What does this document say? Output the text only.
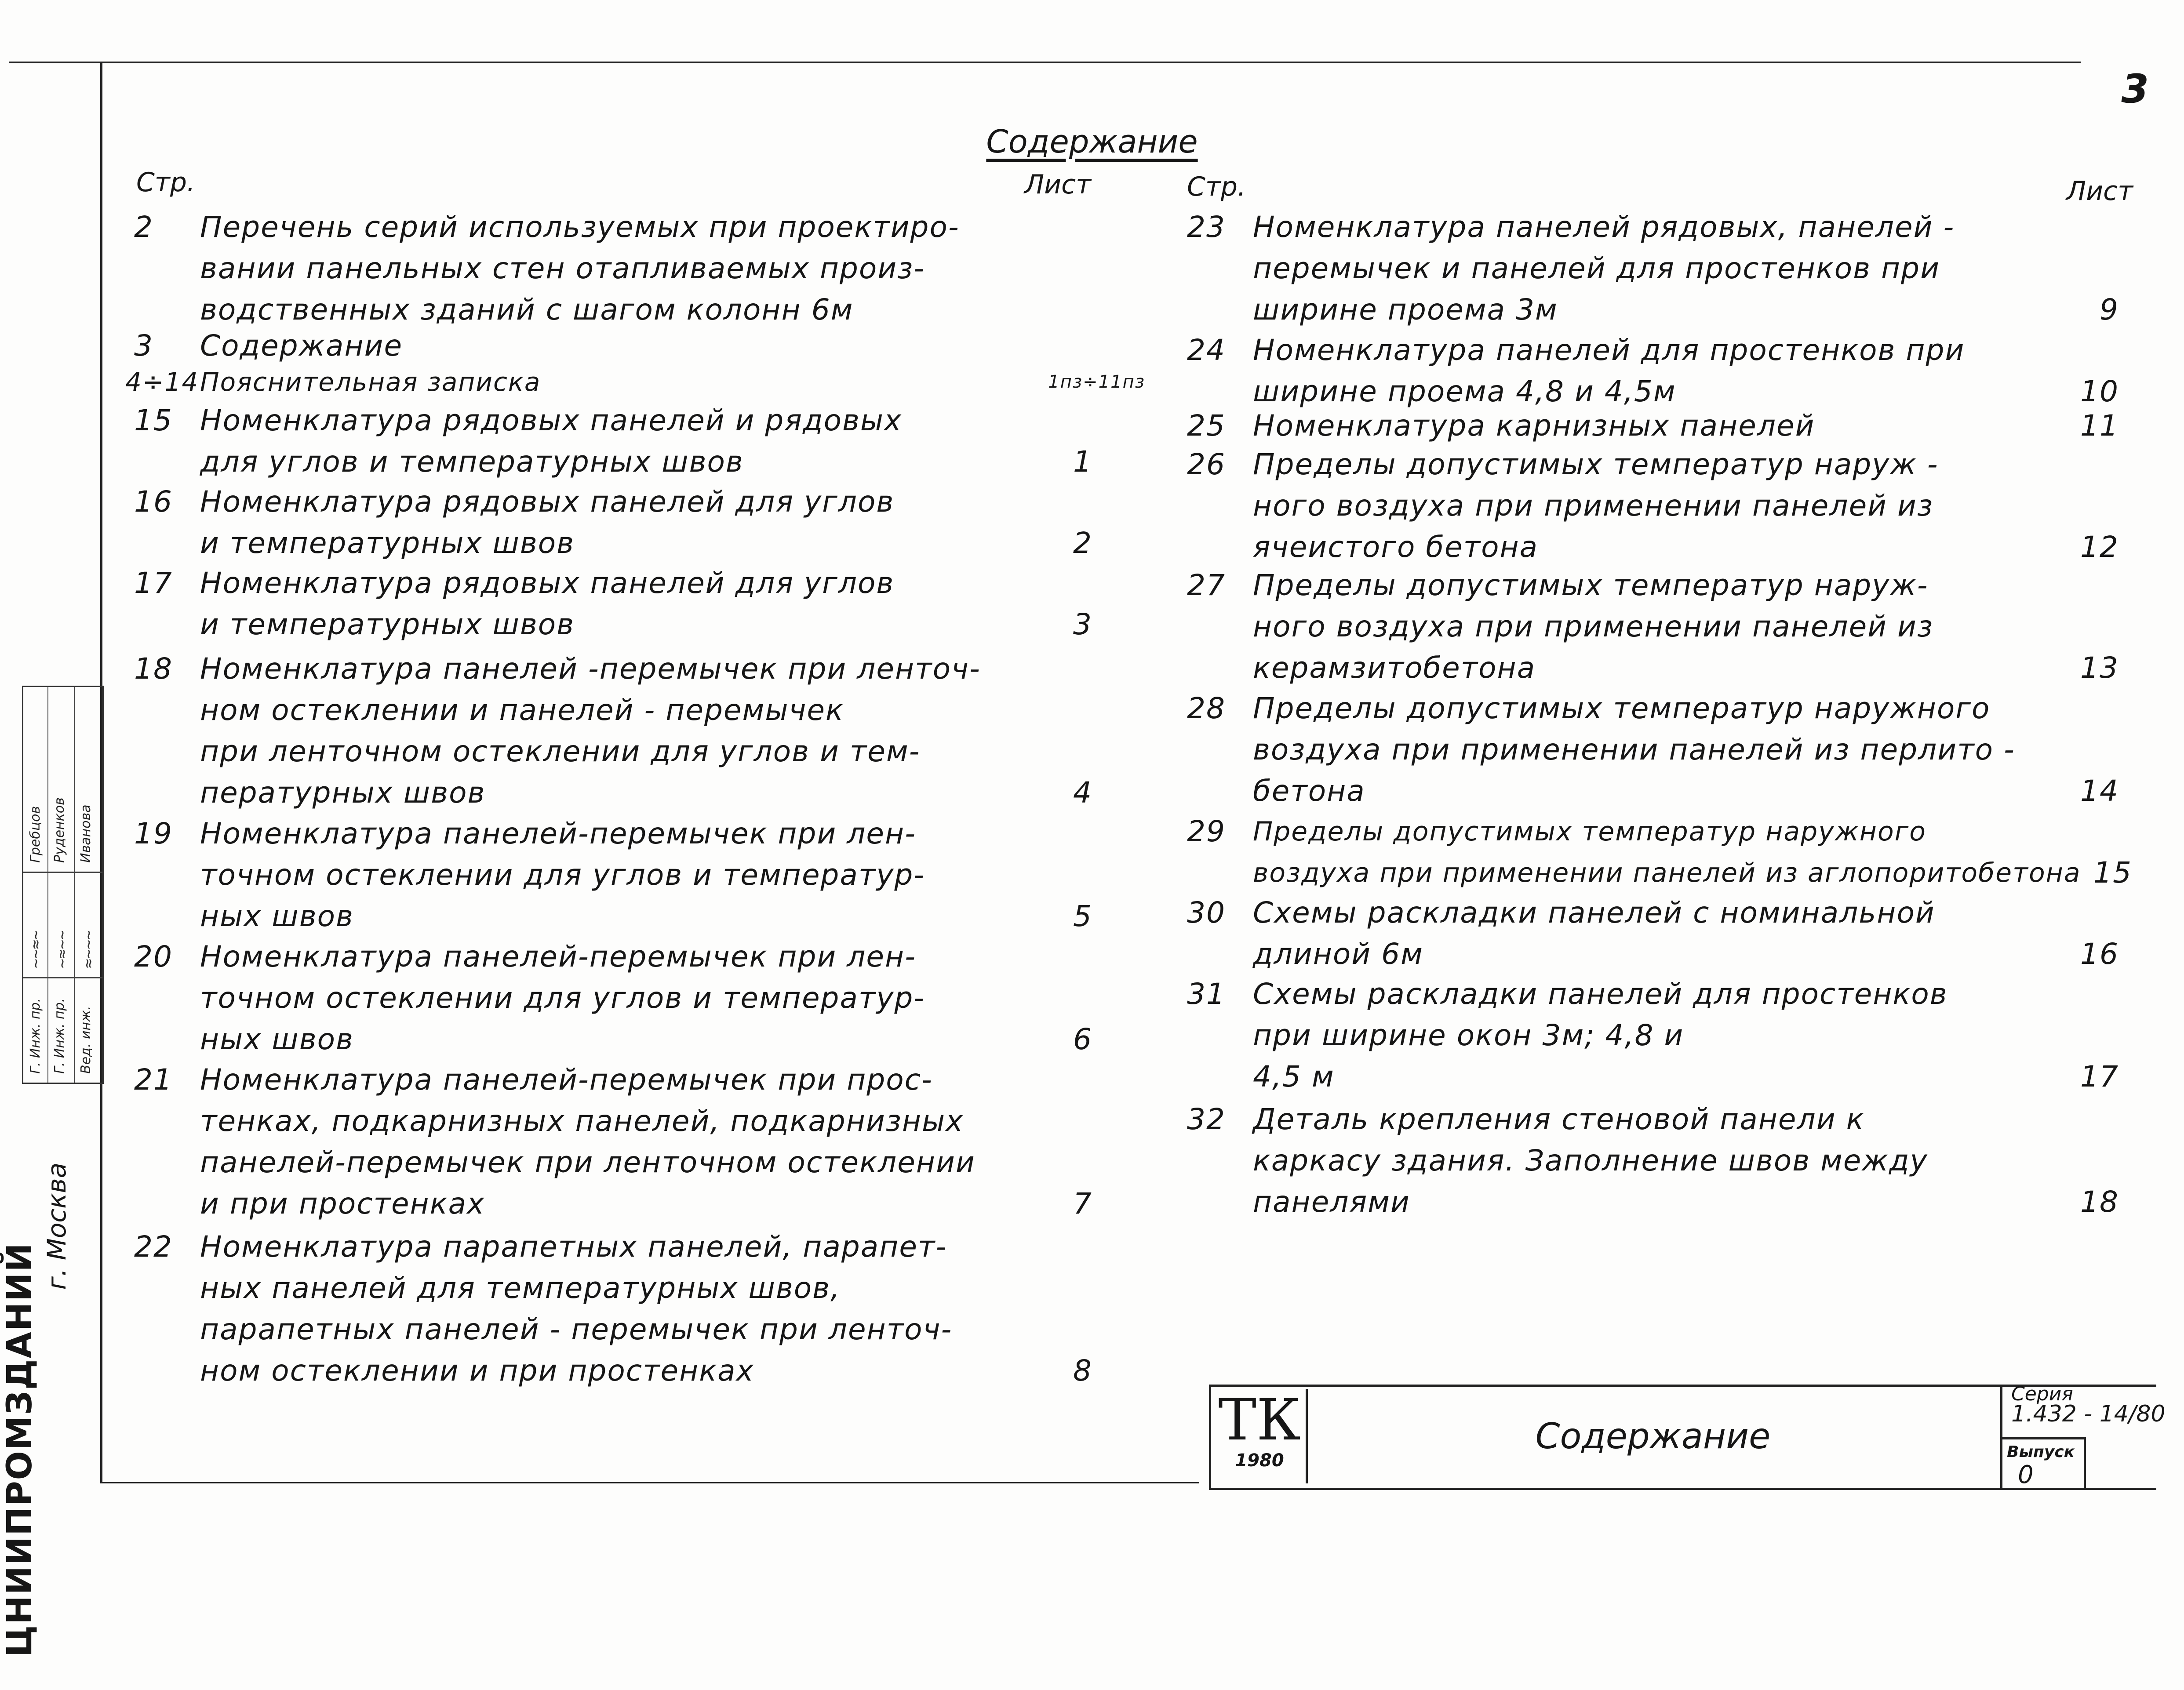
3
Содержание
Стр.	Лист	Стр.	Лист
2	Перечень серий используемых при проектиро-
вании панельных стен отапливаемых произ-
водственных зданий с шагом колонн 6м
3	Содержание
4÷14 Пояснительная записка	1пз÷11пз
15 Номенклатура рядовых панелей и рядовых
для углов и температурных швов	1
16 Номенклатура рядовых панелей для углов
и температурных швов	2
17 Номенклатура рядовых панелей для углов
и температурных швов	3
18 Номенклатура панелей -перемычек при ленточ-
ном остеклении и панелей - перемычек
при ленточном остеклении для углов и тем-
пературных швов	4
19 Номенклатура панелей-перемычек при лен-
точном остеклении для углов и температур-
ных швов	5
20 Номенклатура панелей-перемычек при лен-
точном остеклении для углов и температур-
ных швов	6
21 Номенклатура панелей-перемычек при прос-
тенках, подкарнизных панелей, подкарнизных
панелей-перемычек при ленточном остеклении
и при простенках	7
22 Номенклатура парапетных панелей, парапет-
ных панелей для температурных швов,
парапетных панелей - перемычек при ленточ-
ном остеклении и при простенках	8
23 Номенклатура панелей рядовых, панелей -
перемычек и панелей для простенков при
ширине проема 3м	9
24 Номенклатура панелей для простенков при
ширине проема 4,8 и 4,5м	10
25 Номенклатура карнизных панелей	11
26 Пределы допустимых температур наруж -
ного воздуха при применении панелей из
ячеистого бетона	12
27 Пределы допустимых температур наруж-
ного воздуха при применении панелей из
керамзитобетона	13
28 Пределы допустимых температур наружного
воздуха при применении панелей из перлито -
бетона	14
29	Пределы допустимых температур наружного
воздуха при применении панелей из аглопоритобетона 15
30 Схемы раскладки панелей с номинальной
длиной 6м	16
31 Схемы раскладки панелей для простенков
при ширине окон 3м; 4,8 и
4,5 м	17
32 Деталь крепления стеновой панели к
каркасу здания. Заполнение швов между
панелями	18
ТК
1980
Содержание
Серия
1.432 - 14/80
Выпуск
0
Г. Инж. пр. Г. Инж. пр. Вед. инж.
~~≈~ ~≈~~ ≈~~~
Гребцов Руденков Иванова
ЦНИИПРОМЗДАНИЙ
г. Москва
